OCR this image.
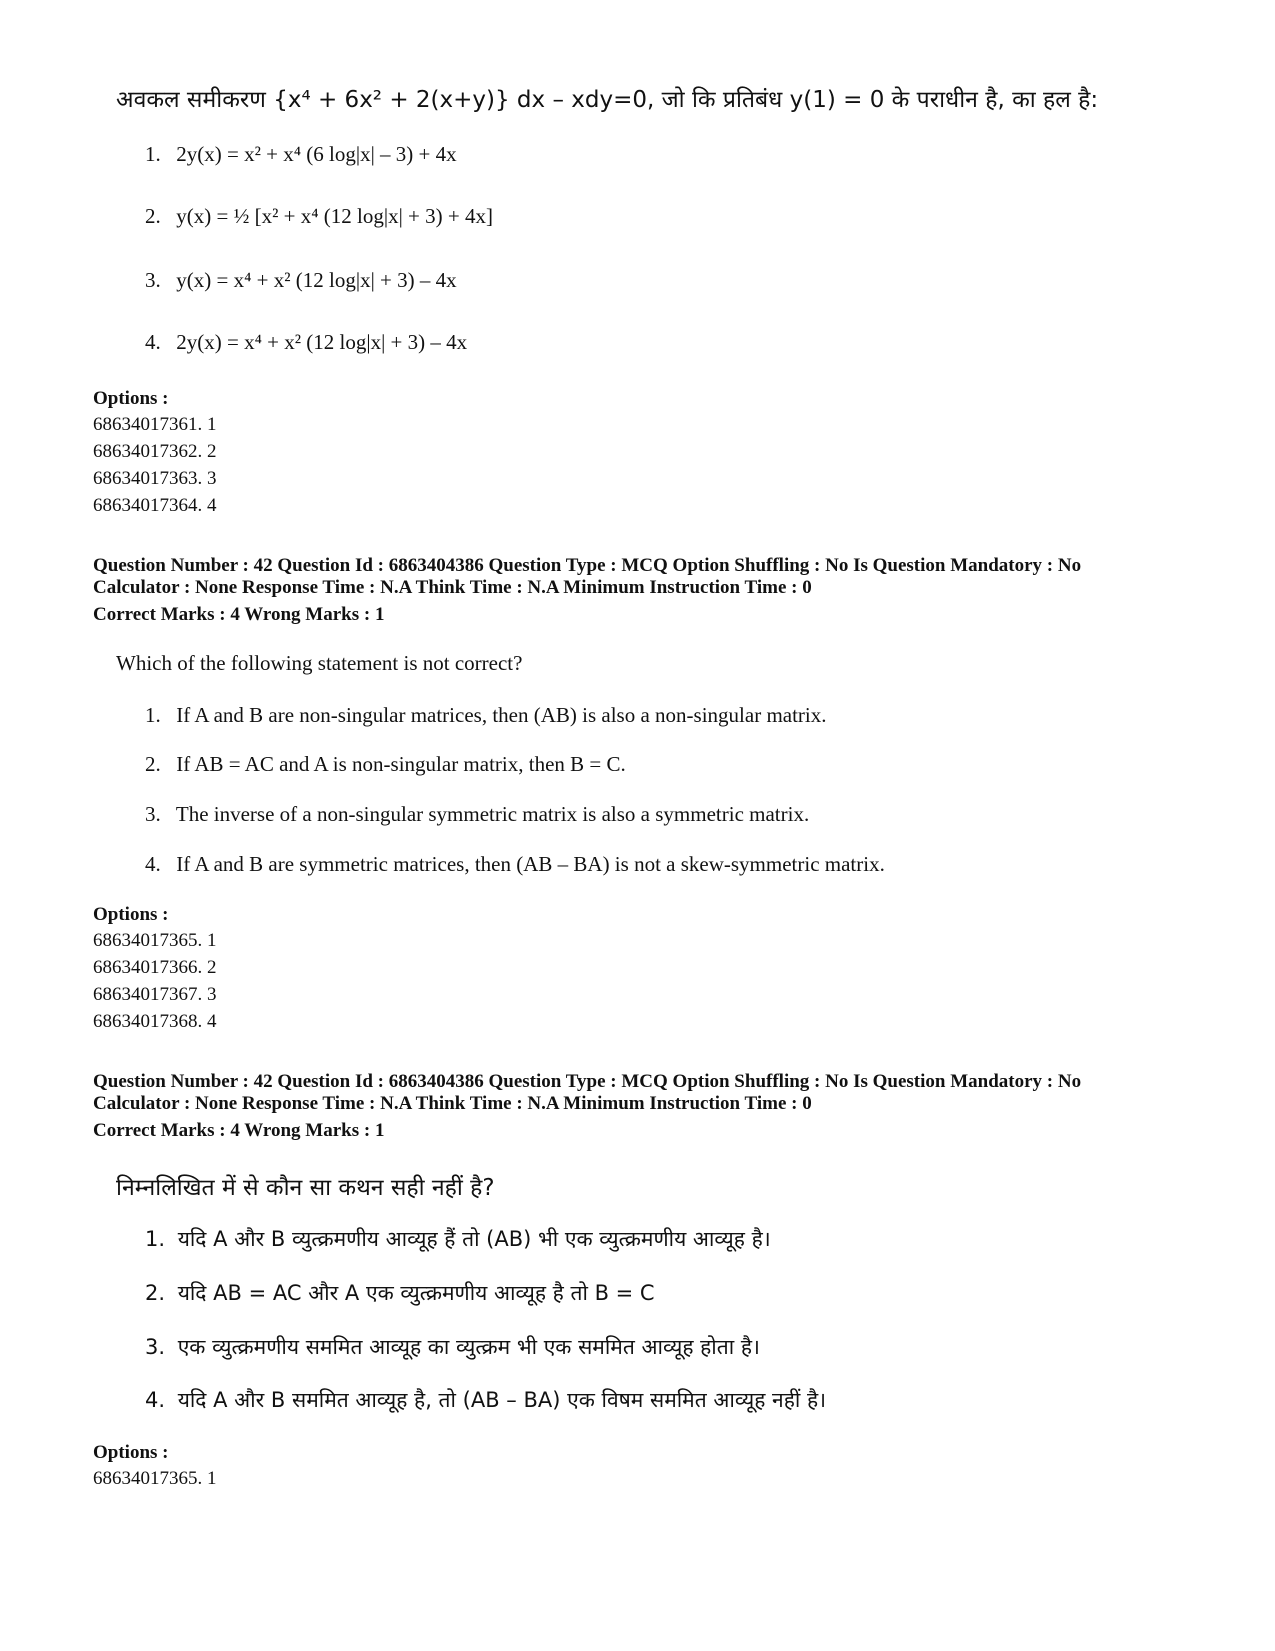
अवकल समीकरण {x⁴ + 6x² + 2(x+y)} dx – xdy=0, जो कि प्रतिबंध y(1) = 0 के पराधीन है, का हल है:
1. 2y(x) = x² + x⁴ (6 log|x| – 3) + 4x
2. y(x) = ½ [x² + x⁴ (12 log|x| + 3) + 4x]
3. y(x) = x⁴ + x² (12 log|x| + 3) – 4x
4. 2y(x) = x⁴ + x² (12 log|x| + 3) – 4x
Options :
68634017361. 1
68634017362. 2
68634017363. 3
68634017364. 4
Question Number : 42 Question Id : 6863404386 Question Type : MCQ Option Shuffling : No Is Question Mandatory : No
Calculator : None Response Time : N.A Think Time : N.A Minimum Instruction Time : 0
Correct Marks : 4 Wrong Marks : 1
Which of the following statement is not correct?
1. If A and B are non-singular matrices, then (AB) is also a non-singular matrix.
2. If AB = AC and A is non-singular matrix, then B = C.
3. The inverse of a non-singular symmetric matrix is also a symmetric matrix.
4. If A and B are symmetric matrices, then (AB – BA) is not a skew-symmetric matrix.
Options :
68634017365. 1
68634017366. 2
68634017367. 3
68634017368. 4
Question Number : 42 Question Id : 6863404386 Question Type : MCQ Option Shuffling : No Is Question Mandatory : No
Calculator : None Response Time : N.A Think Time : N.A Minimum Instruction Time : 0
Correct Marks : 4 Wrong Marks : 1
निम्नलिखित में से कौन सा कथन सही नहीं है?
1. यदि A और B व्युत्क्रमणीय आव्यूह हैं तो (AB) भी एक व्युत्क्रमणीय आव्यूह है।
2. यदि AB = AC और A एक व्युत्क्रमणीय आव्यूह है तो B = C
3. एक व्युत्क्रमणीय सममित आव्यूह का व्युत्क्रम भी एक सममित आव्यूह होता है।
4. यदि A और B सममित आव्यूह है, तो (AB – BA) एक विषम सममित आव्यूह नहीं है।
Options :
68634017365. 1
